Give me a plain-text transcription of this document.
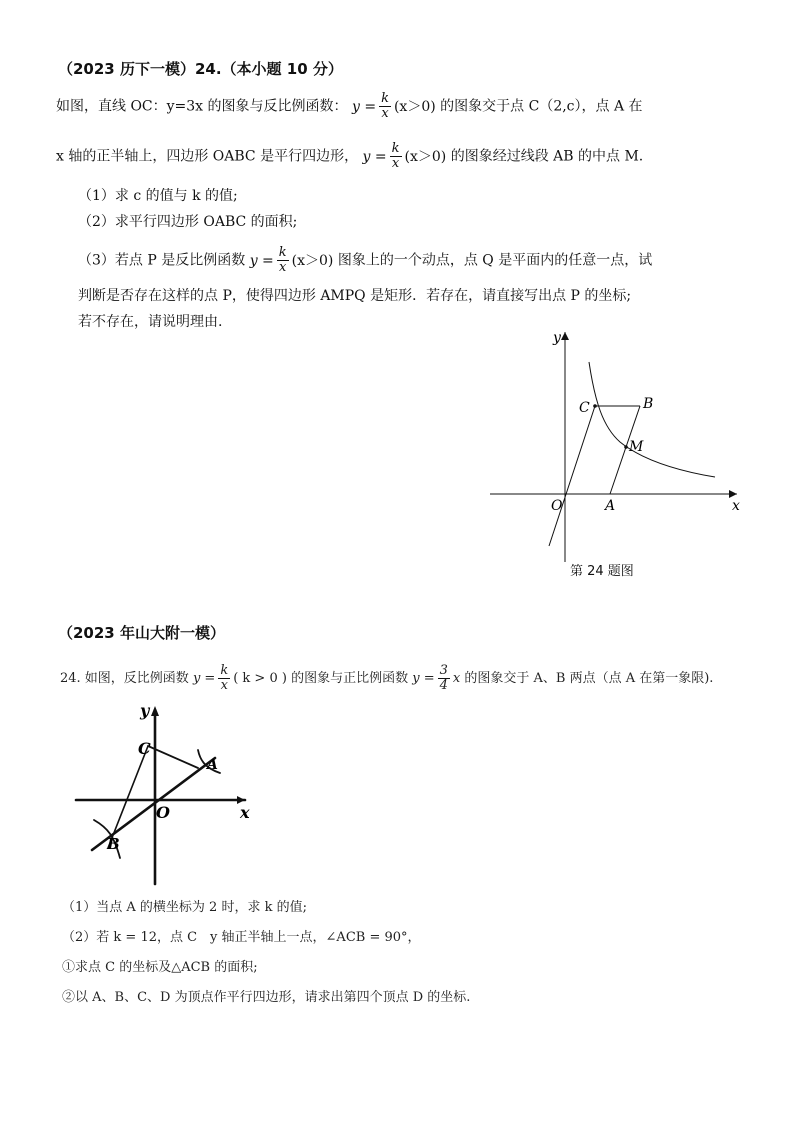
（2023 历下一模）24.（本小题 10 分）
如图，直线 OC：y=3x 的图象与反比例函数： $y = \frac{k}{x} (x>0)$ 的图象交于点 C（2,c），点 A 在
x 轴的正半轴上，四边形 OABC 是平行四边形， $y = \frac{k}{x} (x>0)$ 的图象经过线段 AB 的中点 M.
（1）求 c 的值与 k 的值;
（2）求平行四边形 OABC 的面积;
（3）若点 P 是反比例函数 $y = \frac{k}{x} (x>0)$ 图象上的一个动点，点 Q 是平面内的任意一点，试
判断是否存在这样的点 P，使得四边形 AMPQ 是矩形．若存在，请直接写出点 P 的坐标;
若不存在，请说明理由.
y
x
O	A
B
C
M
第 24 题图
（2023 年山大附一模）
24. 如图，反比例函数 $y = \frac{k}{x}$ ( k > 0 ) 的图象与正比例函数 $y = \frac{3}{4}$ x 的图象交于 A、B 两点（点 A 在第一象限).
y
x
O
C
A
B
（1）当点 A 的横坐标为 2 时，求 k 的值;
（2）若 k = 12，点 C　y 轴正半轴上一点，∠ACB = 90°，
①求点 C 的坐标及△ACB 的面积;
②以 A、B、C、D 为顶点作平行四边形，请求出第四个顶点 D 的坐标.
